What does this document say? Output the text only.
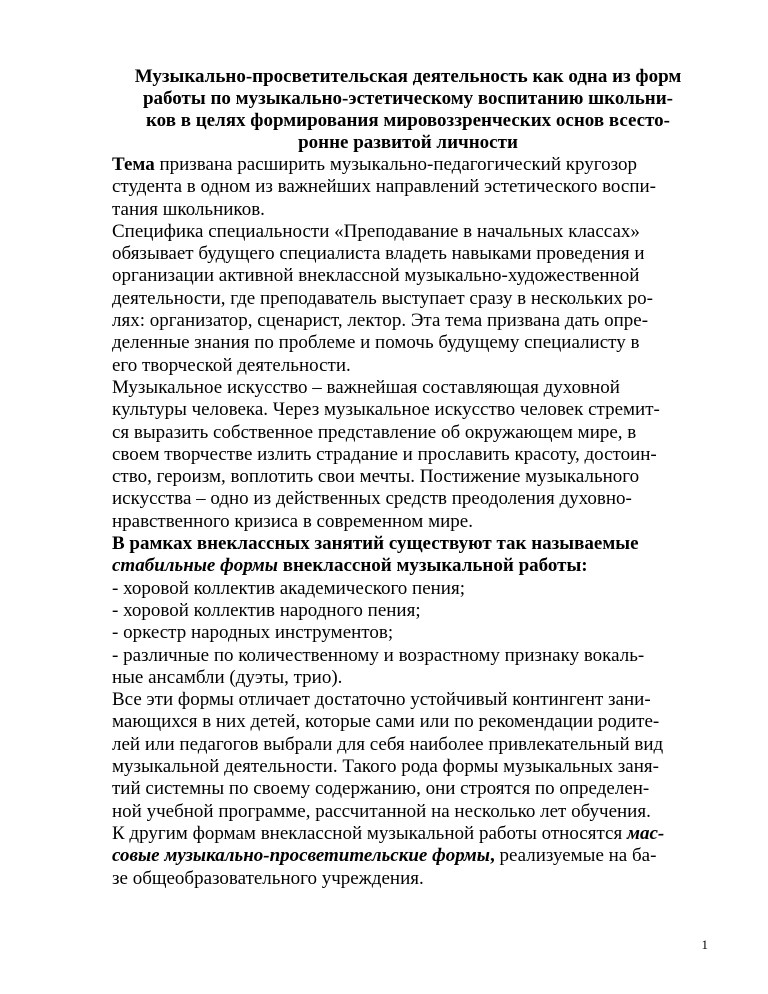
Музыкально-просветительская деятельность как одна из форм
работы по музыкально-эстетическому воспитанию школьни-
ков в целях формирования мировоззренческих основ всесто-
ронне развитой личности
Тема призвана расширить музыкально-педагогический кругозор
студента в одном из важнейших направлений эстетического воспи-
тания школьников.
Специфика специальности «Преподавание в начальных классах»
обязывает будущего специалиста владеть навыками проведения и
организации активной внеклассной музыкально-художественной
деятельности, где преподаватель выступает сразу в нескольких ро-
лях: организатор, сценарист, лектор. Эта тема призвана дать опре-
деленные знания по проблеме и помочь будущему специалисту в
его творческой деятельности.
Музыкальное искусство – важнейшая составляющая духовной
культуры человека. Через музыкальное искусство человек стремит-
ся выразить собственное представление об окружающем мире, в
своем творчестве излить страдание и прославить красоту, достоин-
ство, героизм, воплотить свои мечты. Постижение музыкального
искусства – одно из действенных средств преодоления духовно-
нравственного кризиса в современном мире.
В рамках внеклассных занятий существуют так называемые
стабильные формы внеклассной музыкальной работы:
- хоровой коллектив академического пения;
- хоровой коллектив народного пения;
- оркестр народных инструментов;
- различные по количественному и возрастному признаку вокаль-
ные ансамбли (дуэты, трио).
Все эти формы отличает достаточно устойчивый контингент зани-
мающихся в них детей, которые сами или по рекомендации родите-
лей или педагогов выбрали для себя наиболее привлекательный вид
музыкальной деятельности. Такого рода формы музыкальных заня-
тий системны по своему содержанию, они строятся по определен-
ной учебной программе, рассчитанной на несколько лет обучения.
К другим формам внеклассной музыкальной работы относятся мас-
совые музыкально-просветительские формы, реализуемые на ба-
зе общеобразовательного учреждения.
1
